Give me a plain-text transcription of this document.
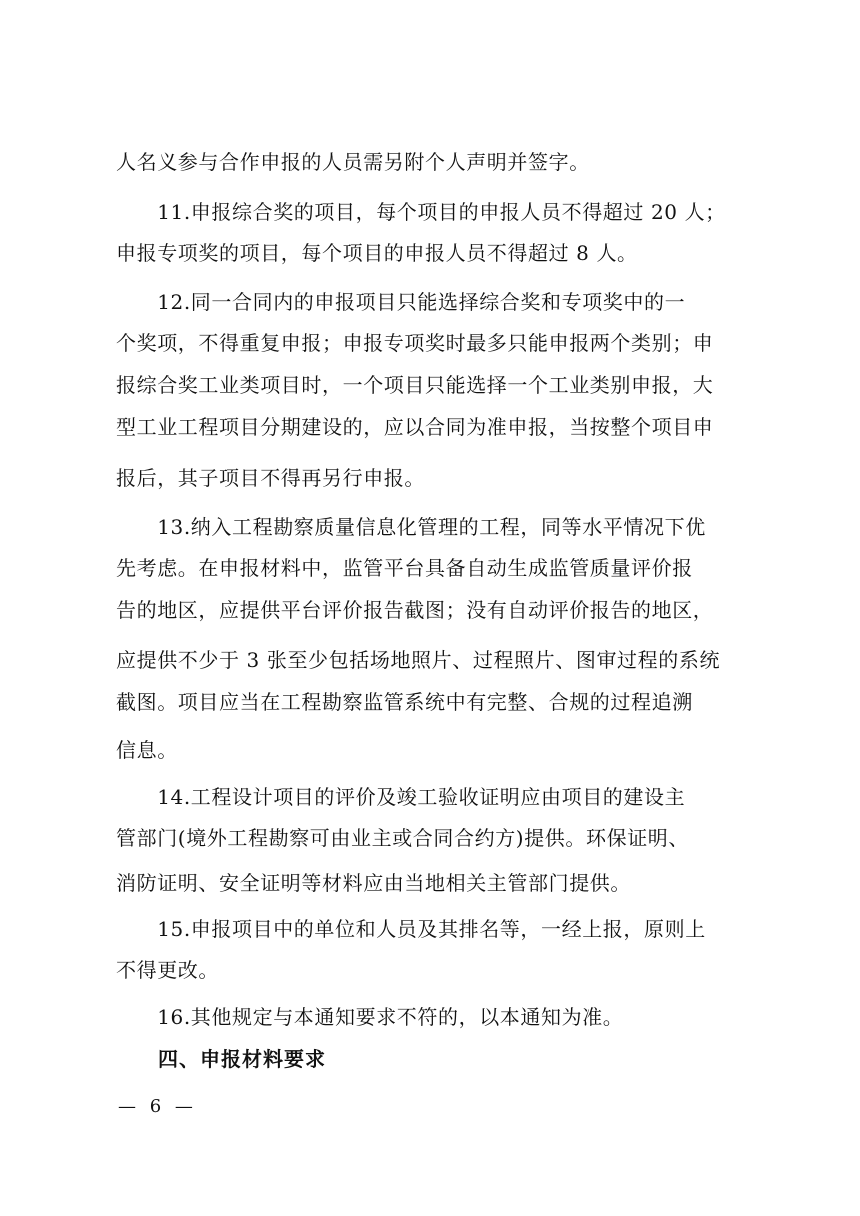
人名义参与合作申报的人员需另附个人声明并签字。
　　11.申报综合奖的项目，每个项目的申报人员不得超过 20 人；
申报专项奖的项目，每个项目的申报人员不得超过 8 人。
　　12.同一合同内的申报项目只能选择综合奖和专项奖中的一
个奖项，不得重复申报；申报专项奖时最多只能申报两个类别；申
报综合奖工业类项目时，一个项目只能选择一个工业类别申报，大
型工业工程项目分期建设的，应以合同为准申报，当按整个项目申
报后，其子项目不得再另行申报。
　　13.纳入工程勘察质量信息化管理的工程，同等水平情况下优
先考虑。在申报材料中，监管平台具备自动生成监管质量评价报
告的地区，应提供平台评价报告截图；没有自动评价报告的地区，
应提供不少于 3 张至少包括场地照片、过程照片、图审过程的系统
截图。项目应当在工程勘察监管系统中有完整、合规的过程追溯
信息。
　　14.工程设计项目的评价及竣工验收证明应由项目的建设主
管部门(境外工程勘察可由业主或合同合约方)提供。环保证明、
消防证明、安全证明等材料应由当地相关主管部门提供。
　　15.申报项目中的单位和人员及其排名等，一经上报，原则上
不得更改。
　　16.其他规定与本通知要求不符的，以本通知为准。
　　四、申报材料要求
— 6 —
